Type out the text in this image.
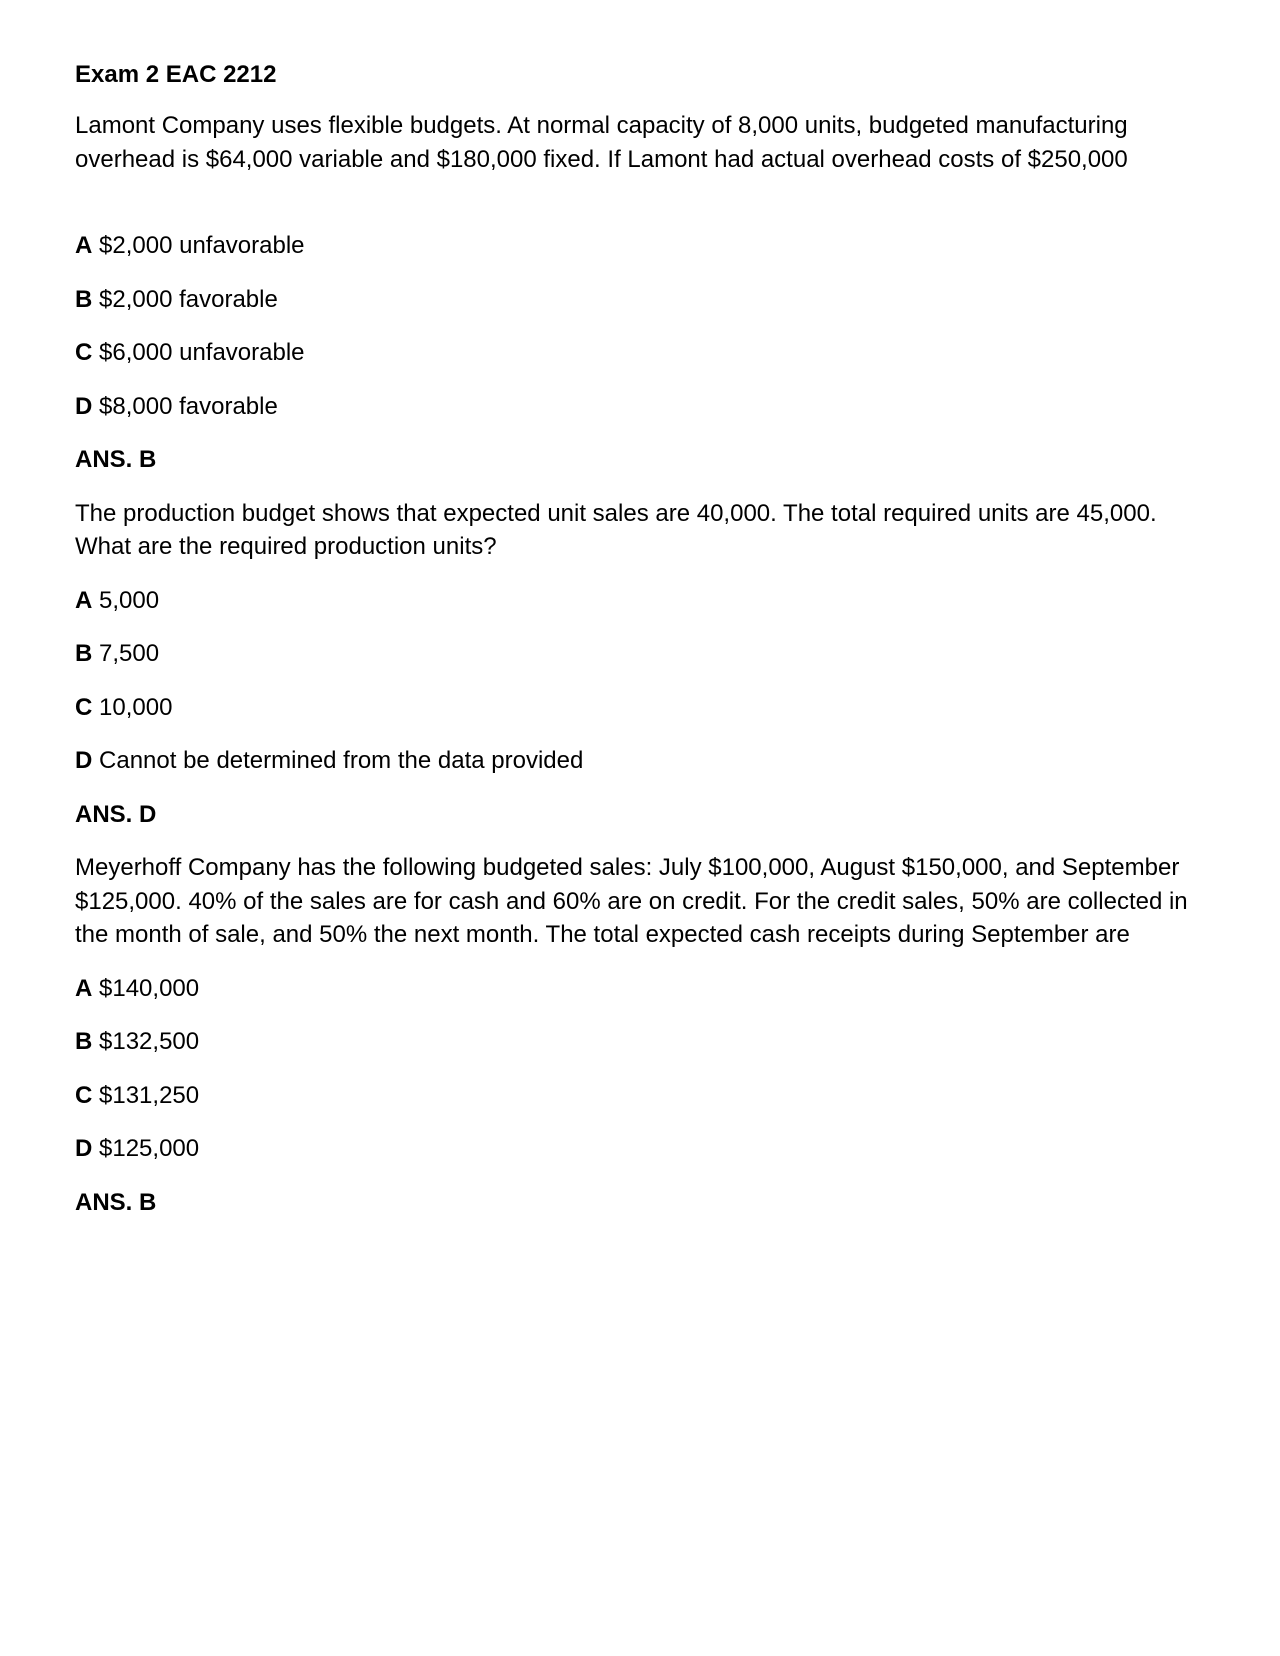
Exam 2 EAC 2212
Lamont Company uses flexible budgets. At normal capacity of 8,000 units, budgeted manufacturing overhead is $64,000 variable and $180,000 fixed. If Lamont had actual overhead costs of $250,000
A $2,000 unfavorable
B $2,000 favorable
C $6,000 unfavorable
D $8,000 favorable
ANS. B
The production budget shows that expected unit sales are 40,000. The total required units are 45,000. What are the required production units?
A 5,000
B 7,500
C 10,000
D Cannot be determined from the data provided
ANS. D
Meyerhoff Company has the following budgeted sales: July $100,000, August $150,000, and September $125,000. 40% of the sales are for cash and 60% are on credit. For the credit sales, 50% are collected in the month of sale, and 50% the next month. The total expected cash receipts during September are
A $140,000
B $132,500
C $131,250
D $125,000
ANS. B
